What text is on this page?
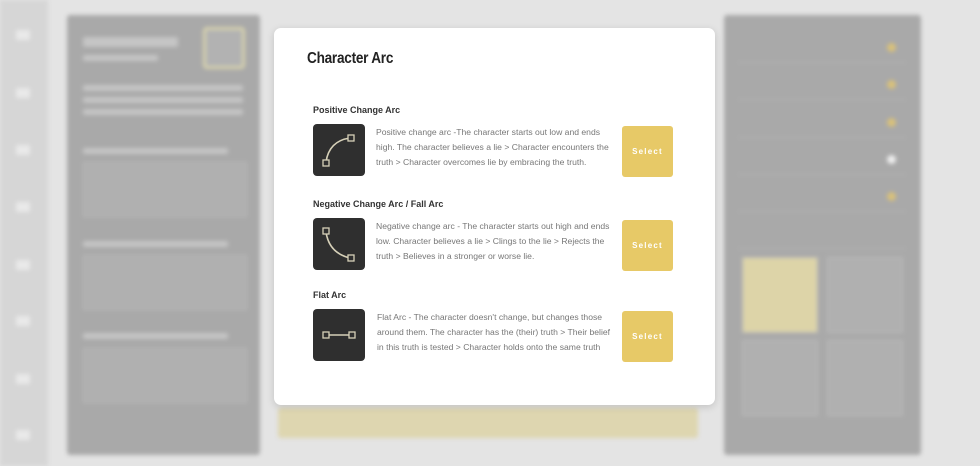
Character Arc
Positive Change Arc
Positive change arc -The character starts out low and ends high. The character believes a lie > Character encounters the truth > Character overcomes lie by embracing the truth.
Select
Negative Change Arc / Fall Arc
Negative change arc - The character starts out high and ends low. Character believes a lie > Clings to the lie > Rejects the truth > Believes in a stronger or worse lie.
Select
Flat Arc
Flat Arc - The character doesn't change, but changes those around them. The character has the (their) truth > Their belief in this truth is tested > Character holds onto the same truth
Select
